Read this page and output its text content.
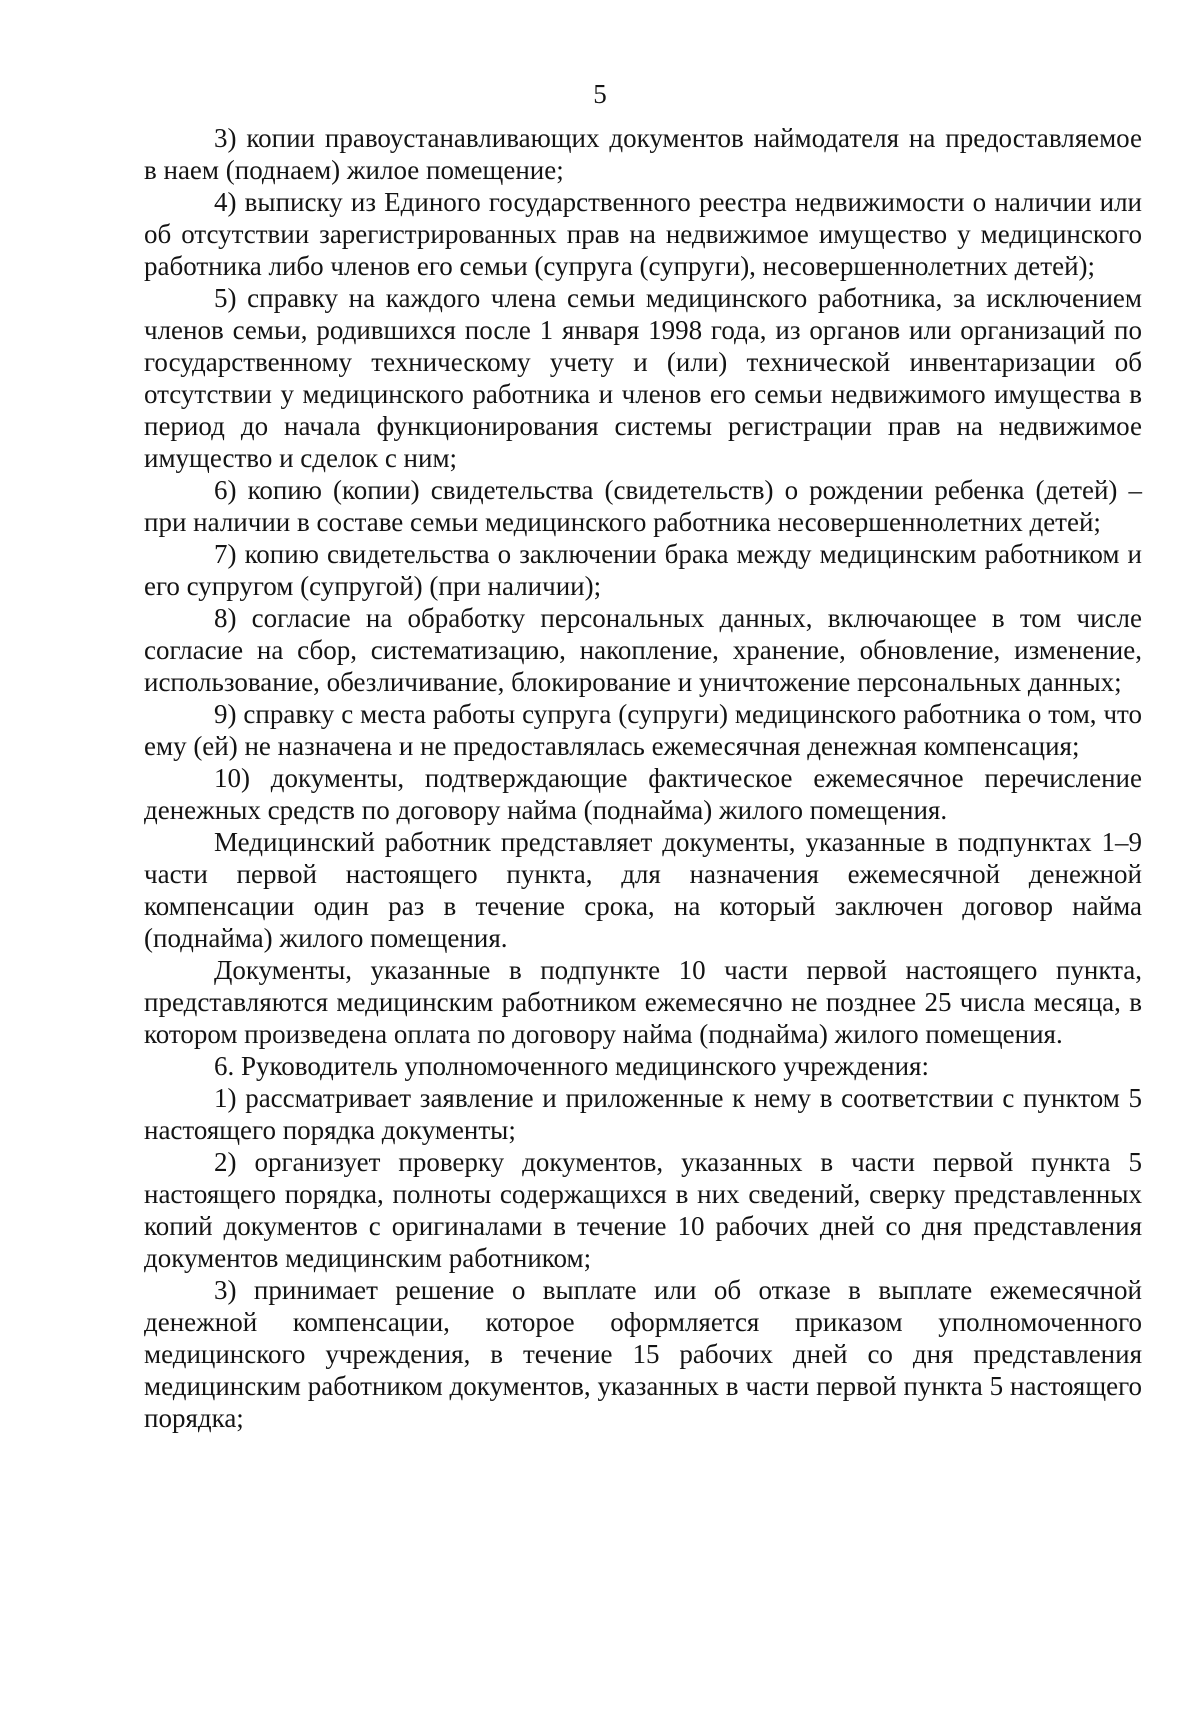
5

3) копии правоустанавливающих документов наймодателя на предоставляемое в наем (поднаем) жилое помещение;

4) выписку из Единого государственного реестра недвижимости о наличии или об отсутствии зарегистрированных прав на недвижимое имущество у медицинского работника либо членов его семьи (супруга (супруги), несовершеннолетних детей);

5) справку на каждого члена семьи медицинского работника, за исключением членов семьи, родившихся после 1 января 1998 года, из органов или организаций по государственному техническому учету и (или) технической инвентаризации об отсутствии у медицинского работника и членов его семьи недвижимого имущества в период до начала функционирования системы регистрации прав на недвижимое имущество и сделок с ним;

6) копию (копии) свидетельства (свидетельств) о рождении ребенка (детей) – при наличии в составе семьи медицинского работника несовершеннолетних детей;

7) копию свидетельства о заключении брака между медицинским работником и его супругом (супругой) (при наличии);

8) согласие на обработку персональных данных, включающее в том числе согласие на сбор, систематизацию, накопление, хранение, обновление, изменение, использование, обезличивание, блокирование и уничтожение персональных данных;

9) справку с места работы супруга (супруги) медицинского работника о том, что ему (ей) не назначена и не предоставлялась ежемесячная денежная компенсация;

10) документы, подтверждающие фактическое ежемесячное перечисление денежных средств по договору найма (поднайма) жилого помещения.

Медицинский работник представляет документы, указанные в подпунктах 1–9 части первой настоящего пункта, для назначения ежемесячной денежной компенсации один раз в течение срока, на который заключен договор найма (поднайма) жилого помещения.

Документы, указанные в подпункте 10 части первой настоящего пункта, представляются медицинским работником ежемесячно не позднее 25 числа месяца, в котором произведена оплата по договору найма (поднайма) жилого помещения.

6. Руководитель уполномоченного медицинского учреждения:

1) рассматривает заявление и приложенные к нему в соответствии с пунктом 5 настоящего порядка документы;

2) организует проверку документов, указанных в части первой пункта 5 настоящего порядка, полноты содержащихся в них сведений, сверку представленных копий документов с оригиналами в течение 10 рабочих дней со дня представления документов медицинским работником;

3) принимает решение о выплате или об отказе в выплате ежемесячной денежной компенсации, которое оформляется приказом уполномоченного медицинского учреждения, в течение 15 рабочих дней со дня представления медицинским работником документов, указанных в части первой пункта 5 настоящего порядка;
